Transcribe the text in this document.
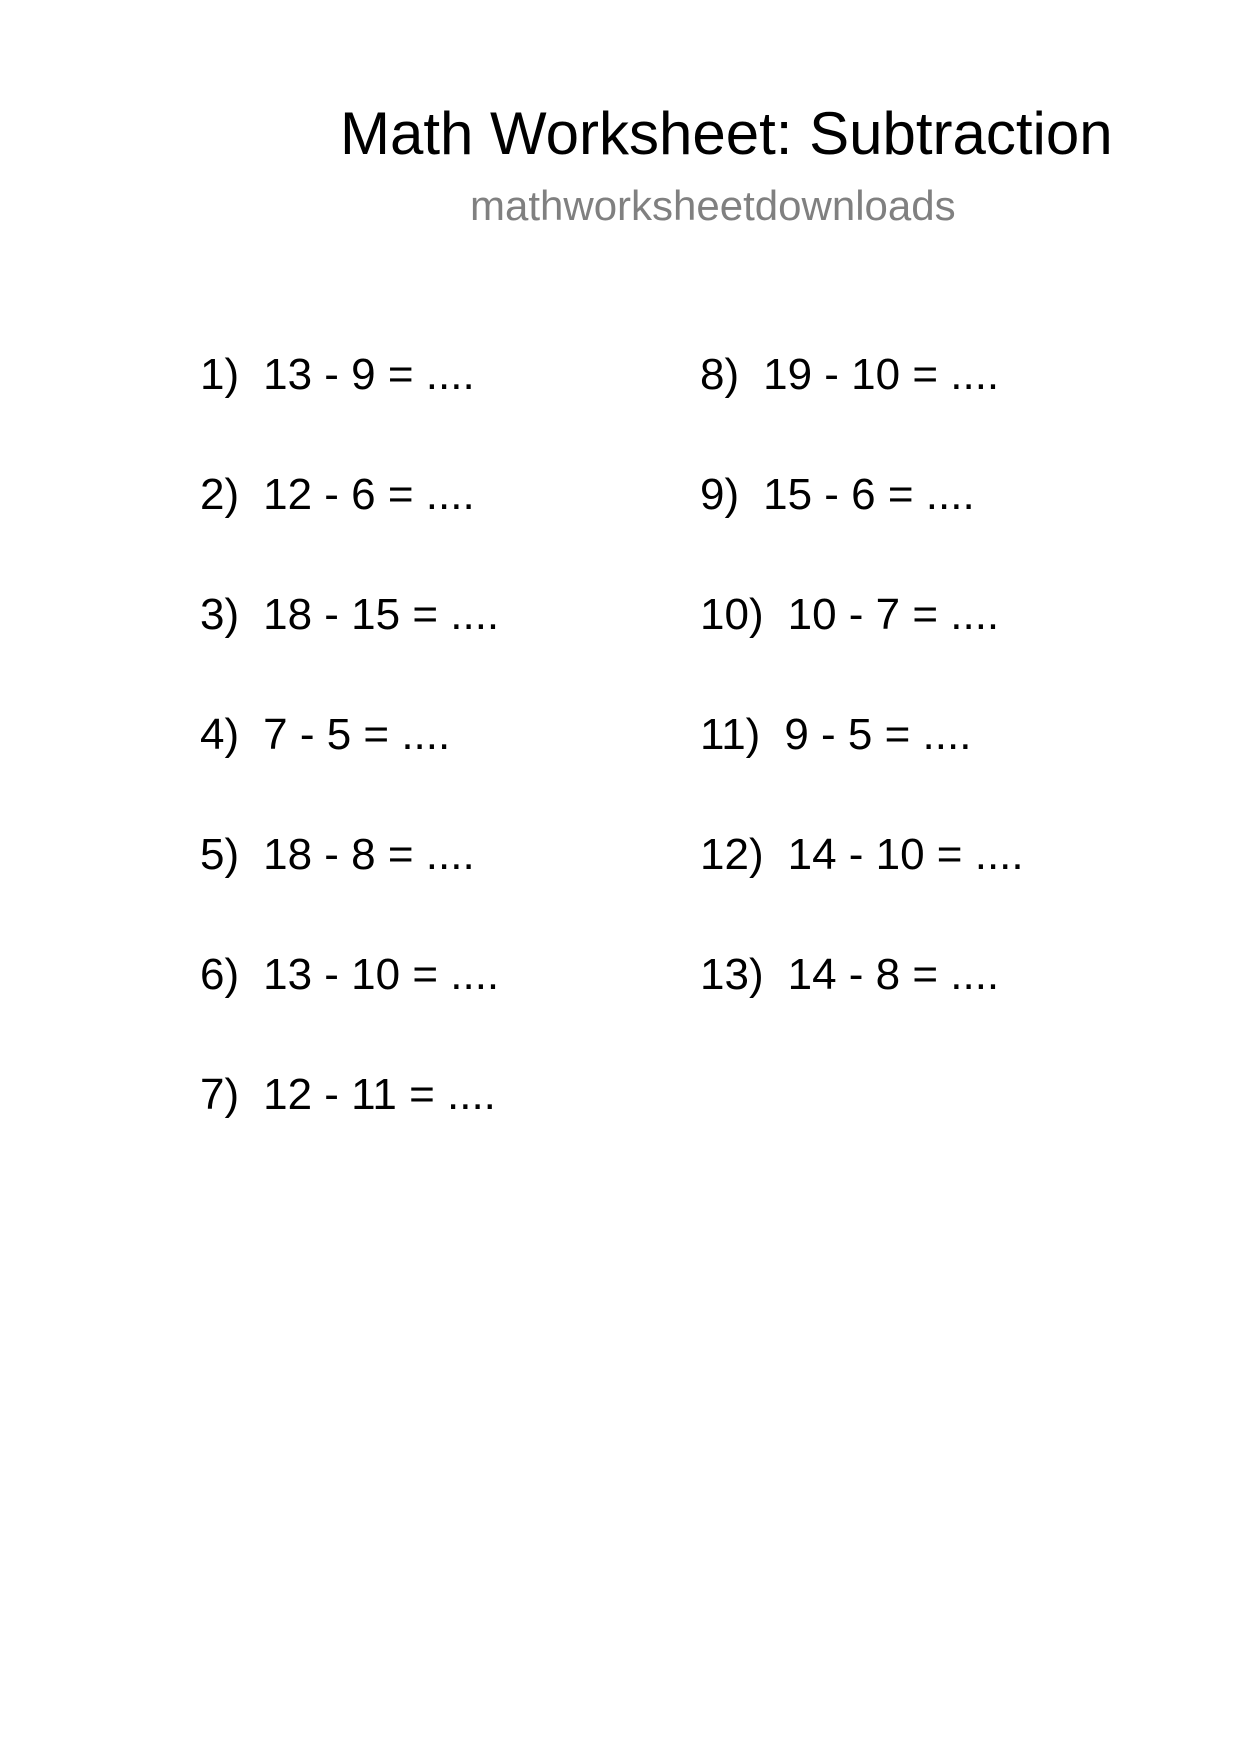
Math Worksheet: Subtraction
mathworksheetdownloads
1) 13 - 9 = ....
2) 12 - 6 = ....
3) 18 - 15 = ....
4) 7 - 5 = ....
5) 18 - 8 = ....
6) 13 - 10 = ....
7) 12 - 11 = ....
8) 19 - 10 = ....
9) 15 - 6 = ....
10) 10 - 7 = ....
11) 9 - 5 = ....
12) 14 - 10 = ....
13) 14 - 8 = ....
